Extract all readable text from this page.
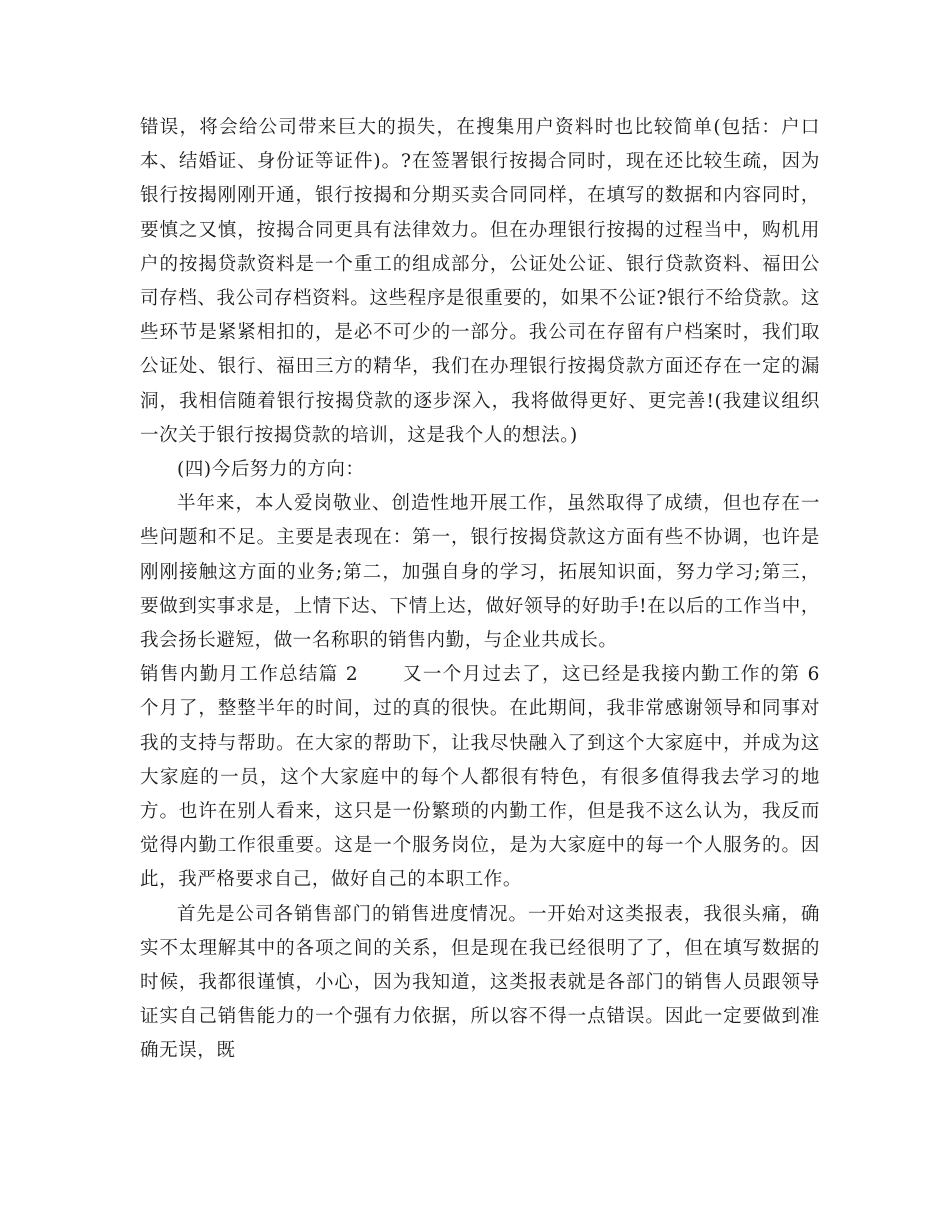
错误，将会给公司带来巨大的损失，在搜集用户资料时也比较简单(包括：户口本、结婚证、身份证等证件)。?在签署银行按揭合同时，现在还比较生疏，因为银行按揭刚刚开通，银行按揭和分期买卖合同同样，在填写的数据和内容同时，要慎之又慎，按揭合同更具有法律效力。但在办理银行按揭的过程当中，购机用户的按揭贷款资料是一个重工的组成部分，公证处公证、银行贷款资料、福田公司存档、我公司存档资料。这些程序是很重要的，如果不公证?银行不给贷款。这些环节是紧紧相扣的，是必不可少的一部分。我公司在存留有户档案时，我们取公证处、银行、福田三方的精华，我们在办理银行按揭贷款方面还存在一定的漏洞，我相信随着银行按揭贷款的逐步深入，我将做得更好、更完善!(我建议组织一次关于银行按揭贷款的培训，这是我个人的想法。)

(四)今后努力的方向：

半年来，本人爱岗敬业、创造性地开展工作，虽然取得了成绩，但也存在一些问题和不足。主要是表现在：第一，银行按揭贷款这方面有些不协调，也许是刚刚接触这方面的业务;第二，加强自身的学习，拓展知识面，努力学习;第三，要做到实事求是，上情下达、下情上达，做好领导的好助手!在以后的工作当中，我会扬长避短，做一名称职的销售内勤，与企业共成长。

销售内勤月工作总结篇 2 又一个月过去了，这已经是我接内勤工作的第 6 个月了，整整半年的时间，过的真的很快。在此期间，我非常感谢领导和同事对我的支持与帮助。在大家的帮助下，让我尽快融入了到这个大家庭中，并成为这大家庭的一员，这个大家庭中的每个人都很有特色，有很多值得我去学习的地方。也许在别人看来，这只是一份繁琐的内勤工作，但是我不这么认为，我反而觉得内勤工作很重要。这是一个服务岗位，是为大家庭中的每一个人服务的。因此，我严格要求自己，做好自己的本职工作。

首先是公司各销售部门的销售进度情况。一开始对这类报表，我很头痛，确实不太理解其中的各项之间的关系，但是现在我已经很明了了，但在填写数据的时候，我都很谨慎，小心，因为我知道，这类报表就是各部门的销售人员跟领导证实自己销售能力的一个强有力依据，所以容不得一点错误。因此一定要做到准确无误，既
